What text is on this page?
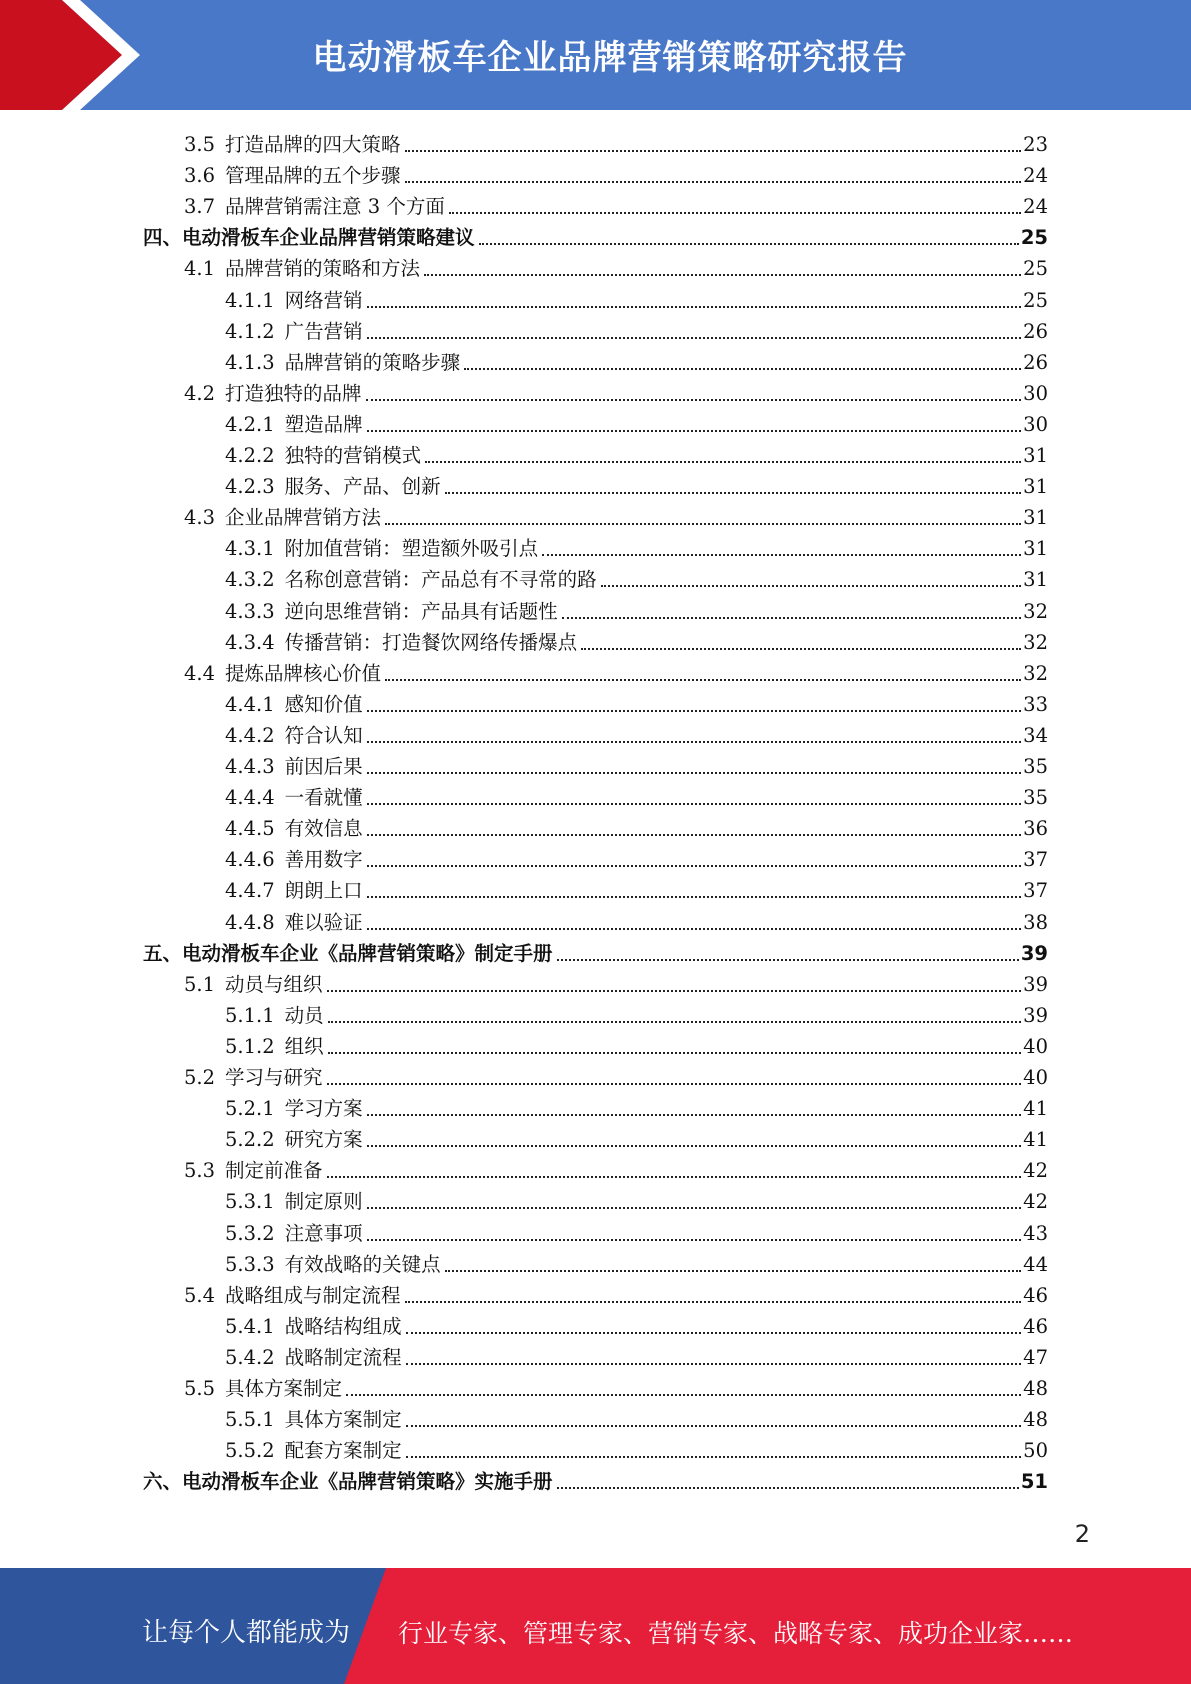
电动滑板车企业品牌营销策略研究报告
3.5 打造品牌的四大策略	23
3.6 管理品牌的五个步骤	24
3.7 品牌营销需注意 3 个方面	24
四、电动滑板车企业品牌营销策略建议	25
4.1 品牌营销的策略和方法	25
4.1.1 网络营销	25
4.1.2 广告营销	26
4.1.3 品牌营销的策略步骤	26
4.2 打造独特的品牌	30
4.2.1 塑造品牌	30
4.2.2 独特的营销模式	31
4.2.3 服务、产品、创新	31
4.3 企业品牌营销方法	31
4.3.1 附加值营销：塑造额外吸引点	31
4.3.2 名称创意营销：产品总有不寻常的路	31
4.3.3 逆向思维营销：产品具有话题性	32
4.3.4 传播营销：打造餐饮网络传播爆点	32
4.4 提炼品牌核心价值	32
4.4.1 感知价值	33
4.4.2 符合认知	34
4.4.3 前因后果	35
4.4.4 一看就懂	35
4.4.5 有效信息	36
4.4.6 善用数字	37
4.4.7 朗朗上口	37
4.4.8 难以验证	38
五、电动滑板车企业《品牌营销策略》制定手册	39
5.1 动员与组织	39
5.1.1 动员	39
5.1.2 组织	40
5.2 学习与研究	40
5.2.1 学习方案	41
5.2.2 研究方案	41
5.3 制定前准备	42
5.3.1 制定原则	42
5.3.2 注意事项	43
5.3.3 有效战略的关键点	44
5.4 战略组成与制定流程	46
5.4.1 战略结构组成	46
5.4.2 战略制定流程	47
5.5 具体方案制定	48
5.5.1 具体方案制定	48
5.5.2 配套方案制定	50
六、电动滑板车企业《品牌营销策略》实施手册	51
2
让每个人都能成为 行业专家、管理专家、营销专家、战略专家、成功企业家……
